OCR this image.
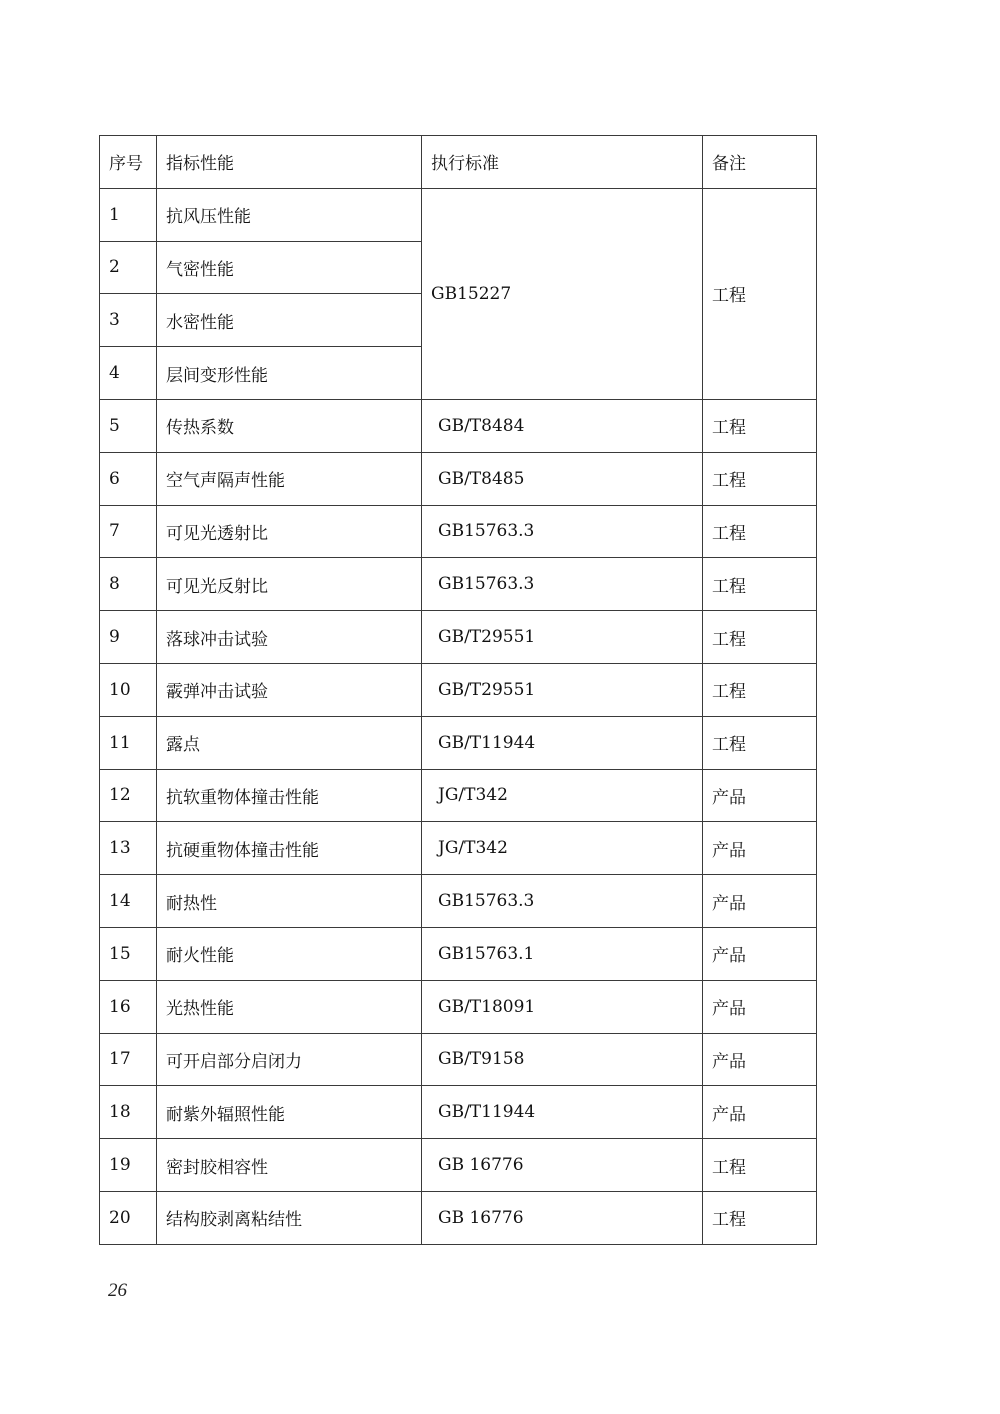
序号	指标性能	执行标准	备注
1	抗风压性能	GB15227	工程
2	气密性能		
3	水密性能		
4	层间变形性能		
5	传热系数	GB/T8484	工程
6	空气声隔声性能	GB/T8485	工程
7	可见光透射比	GB15763.3	工程
8	可见光反射比	GB15763.3	工程
9	落球冲击试验	GB/T29551	工程
10	霰弹冲击试验	GB/T29551	工程
11	露点	GB/T11944	工程
12	抗软重物体撞击性能	JG/T342	产品
13	抗硬重物体撞击性能	JG/T342	产品
14	耐热性	GB15763.3	产品
15	耐火性能	GB15763.1	产品
16	光热性能	GB/T18091	产品
17	可开启部分启闭力	GB/T9158	产品
18	耐紫外辐照性能	GB/T11944	产品
19	密封胶相容性	GB 16776	工程
20	结构胶剥离粘结性	GB 16776	工程
26
